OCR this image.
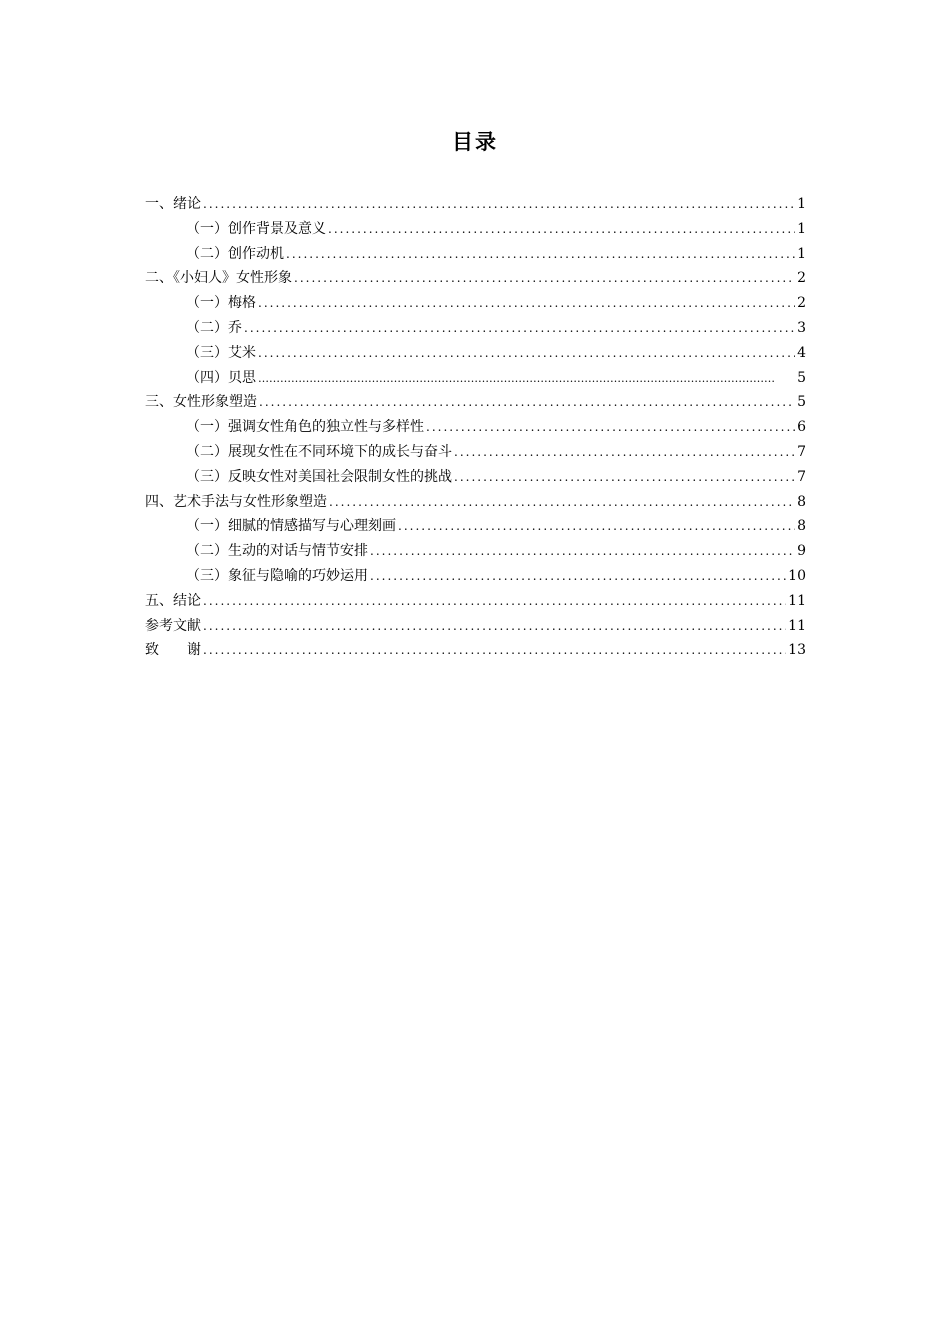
目录
一、绪论 .....	1
（一）创作背景及意义 .....	1
（二）创作动机 .....	1
二、《小妇人》女性形象 .....	2
（一）梅格 .....	2
（二）乔 .....	3
（三）艾米 .....	4
（四）贝思 …………………………………………………………………………………………………………………………………………………………………………………………………………………	5
三、女性形象塑造 .....	5
（一）强调女性角色的独立性与多样性 .....	6
（二）展现女性在不同环境下的成长与奋斗 .....	7
（三）反映女性对美国社会限制女性的挑战 .....	7
四、艺术手法与女性形象塑造 .....	8
（一）细腻的情感描写与心理刻画 .....	8
（二）生动的对话与情节安排 .....	9
（三）象征与隐喻的巧妙运用 .....	10
五、结论 .....	11
参考文献 .....	11
致　　谢 .....	13
